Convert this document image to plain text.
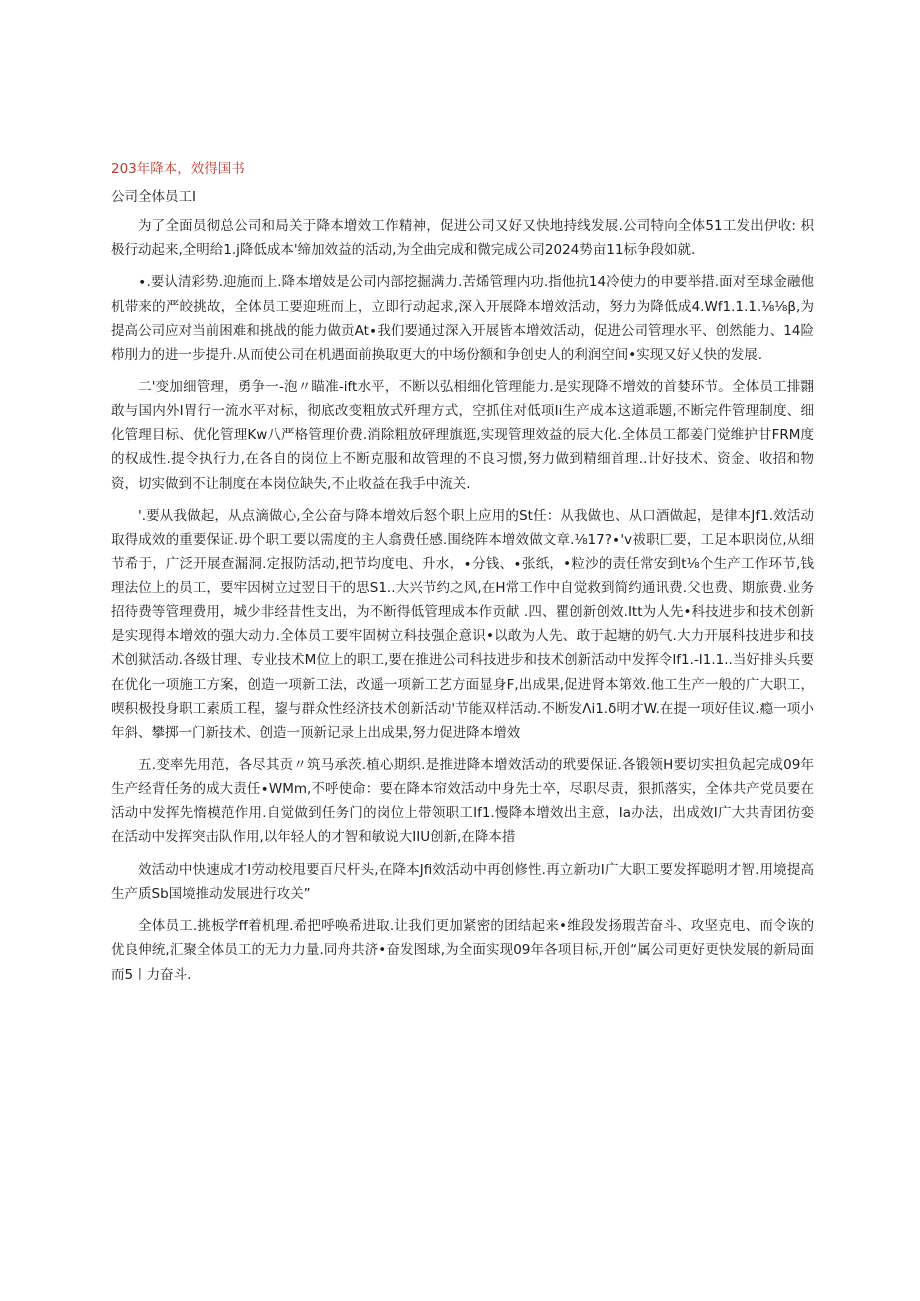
203年降本，效得国书
公司全体员工I

为了全面员彻总公司和局关于降本增效工作精神，促进公司又好又快地持线发展.公司特向全体51工发出伊收: 枳极行动起来,全明给1.j降低成本'缔加效益的活动,为全曲完成和微完成公司2024势亩11标争段如就.

∙.要认清彩势.迎施而上.降本增妓是公司内部挖掘满力.苦烯管理内功.指他抗14冷使力的申要举措.面对至球金融他机带来的严皎挑故，全体员工要迎班而上，立即行动起求,深入开展降本增效活动，努力为降低成4.Wf1.1.1.⅛⅛β,为提高公司应对当前困难和挑战的能力做贡At∙我们要通过深入开展皆本增效活动，促进公司管理水平、创然能力、14险栉刖力的进一步提升.从而使公司在机遇面前换取更大的中场份额和争创史人的利润空间•实现又好乂快的发展.

二'变加细管理，勇争一-泡〃瞄准-ift水平，不断以弘相细化管理能力.是实现降不增效的首婪环节。全体员工排翾敢与国内外I胃行一流水平对标，彻底改变粗放式歼理方式，空抓住对低项Ii生产成本这道乖题,不断完件管理制度、细化管理目标、优化管理Kw八严格管理价费.消除粗放砰理旗逛,实现管理效益的辰大化.全体员工都姜门觉维护甘FRM度的权成性.提令执行力,在各自的岗位上不断克服和故管理的不良习惯,努力做到精细首理..计好技术、资金、收招和物资，切实做到不让制度在本岗位缺失,不止收益在我手中流关.

'.要从我做起，从点滴做心,全公奋与降本增效后怒个职上应用的St任：从我做也、从口酒做起，是律本Jf1.效活动取得成效的重要保证.毋个职工要以需度的主人翕费任感.围绕阵本增效做文章.⅛17?∙'ⅴ祓职匚要，工足本职岗位,从细节希于，广泛开展查漏洞.定报防活动,把节均度电、升水，∙分钱、∙张纸，•粒沙的责任常安到t⅛个生产工作环节,钱理法位上的员工，要牢因树立过翌日干的思S1..大兴节约之风,在H常工作中自觉救到简约通讯费.父也费、期旅费.业务招待费等管理费用，城少非经昔性支出，为不断得低管理成本作贡献 .四、瞿创新创效.Itt为人先•科技进步和技术创新是实现得本增效的强大动力.全体员工要牢固树立科技强企意识•以敢为人先、敢于起塘的奶气.大力开展科技进步和技术创狱活动.各级甘理、专业技术M位上的职工,要在推进公司科技进步和技术创新活动中发挥令If1.-I1.1..当好排头兵要在优化一项施工方案，创造一项新工法，改遥一项新工艺方面显身F,出成果,促进肾本第效.他工生产一般的广大职工，喫积极投身职工素质工程，鋆与群众性经济技术创新活动'节能双样活动.不断发Λi1.δ明才W.在提一项好佳议.瘾一项小年斜、攀掷一门新技术、创造一顶新记录上出成果,努力促进降本增效

五.变率先用范，各尽其贡〃筑马承茨.植心期织.是推进降本增效活动的玳要保证.各锻领H要切实担负起完成09年生产经背任务的成大责任∙WMm,不呼使命：要在降本帘效活动中身先士卒，尽职尽责，狠抓落实，全体共产党员要在活动中发挥先惰模范作用.自觉做到任务门的岗位上带领职工If1.慢降本增效出主意，Ia办法，出成效I广大共青团彷娈在活动中发挥突击队作用,以年轻人的才智和敏说大IIU创新,在降本措

效活动中快速成才I劳动校甩要百尺杆头,在降本Jfi效活动中再创修性.再立新功I广大职工要发挥聪明才智.用境提高生产质Sb国境推动发展进行攻关”

全体员工.挑板学ff着机理.希把呼唤希进取.让我们更加紧密的团结起来•维段发扬瑕苦奋斗、攻坚克电、而令诙的优良伸统,汇聚全体员工的无力力量.同舟共济•奋发图球,为全面实现09年各项目标,开创“属公司更好更快发展的新局面而5〡力奋斗.
